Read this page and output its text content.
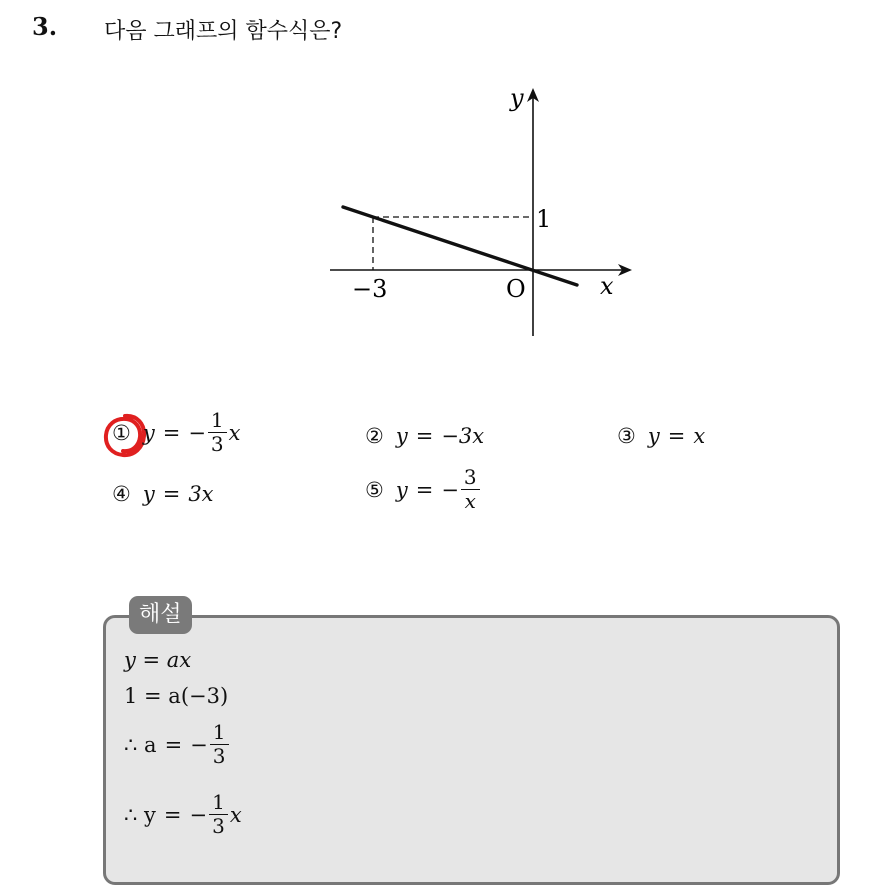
3. 다음 그래프의 함수식은?
y
x
O
−3
1
① y = − $\frac{1}{3}$ x	② y = −3x	③ y = x
④ y = 3x	⑤ y = − $\frac{3}{x}$
해설
y = ax
1 = a(−3)
∴ a = − $\frac{1}{3}$
∴ y = − $\frac{1}{3}$ x
